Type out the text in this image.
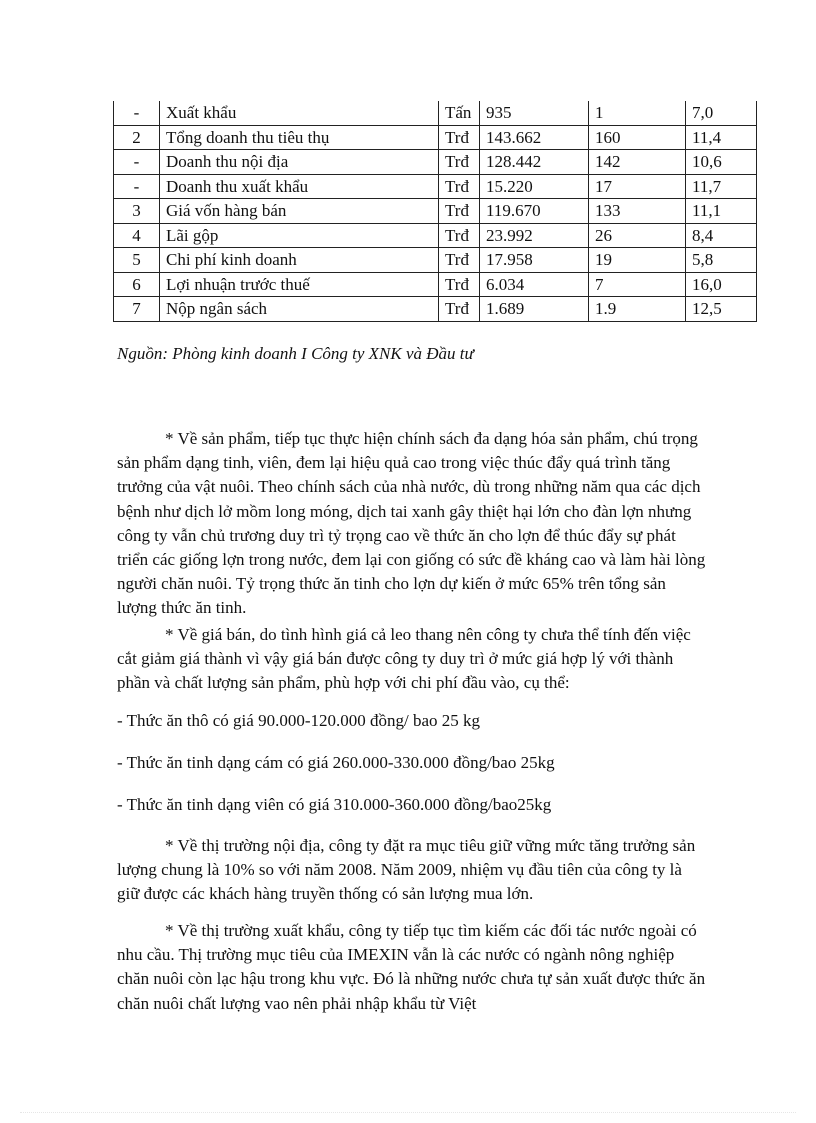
-	Xuất khẩu	Tấn	935	1	7,0
2	Tổng doanh thu tiêu thụ	Trđ	143.662	160	11,4
-	Doanh thu nội địa	Trđ	128.442	142	10,6
-	Doanh thu xuất khẩu	Trđ	15.220	17	11,7
3	Giá vốn hàng bán	Trđ	119.670	133	11,1
4	Lãi gộp	Trđ	23.992	26	8,4
5	Chi phí kinh doanh	Trđ	17.958	19	5,8
6	Lợi nhuận trước thuế	Trđ	6.034	7	16,0
7	Nộp ngân sách	Trđ	1.689	1.9	12,5

Nguồn: Phòng kinh doanh I Công ty XNK và Đầu tư

* Về sản phẩm, tiếp tục thực hiện chính sách đa dạng hóa sản phẩm, chú trọng sản phẩm dạng tinh, viên, đem lại hiệu quả cao trong việc thúc đẩy quá trình tăng trưởng của vật nuôi. Theo chính sách của nhà nước, dù trong những năm qua các dịch bệnh như dịch lở mồm long móng, dịch tai xanh gây thiệt hại lớn cho đàn lợn nhưng công ty vẫn chủ trương duy trì tỷ trọng cao về thức ăn cho lợn để thúc đẩy sự phát triển các giống lợn trong nước, đem lại con giống có sức đề kháng cao và làm hài lòng người chăn nuôi. Tỷ trọng thức ăn tinh cho lợn dự kiến ở mức 65% trên tổng sản lượng thức ăn tinh.

* Về giá bán, do tình hình giá cả leo thang nên công ty chưa thể tính đến việc cắt giảm giá thành vì vậy giá bán được công ty duy trì ở mức giá hợp lý với thành phần và chất lượng sản phẩm, phù hợp với chi phí đầu vào, cụ thể:

- Thức ăn thô có giá 90.000-120.000 đồng/ bao 25 kg

- Thức ăn tinh dạng cám có giá 260.000-330.000 đồng/bao 25kg

- Thức ăn tinh dạng viên có giá 310.000-360.000 đồng/bao25kg

* Về thị trường nội địa, công ty đặt ra mục tiêu giữ vững mức tăng trưởng sản lượng chung là 10% so với năm 2008. Năm 2009, nhiệm vụ đầu tiên của công ty là giữ được các khách hàng truyền thống có sản lượng mua lớn.

* Về thị trường xuất khẩu, công ty tiếp tục tìm kiếm các đối tác nước ngoài có nhu cầu. Thị trường mục tiêu của IMEXIN vẫn là các nước có ngành nông nghiệp chăn nuôi còn lạc hậu trong khu vực. Đó là những nước chưa tự sản xuất được thức ăn chăn nuôi chất lượng vao nên phải nhập khẩu từ Việt
